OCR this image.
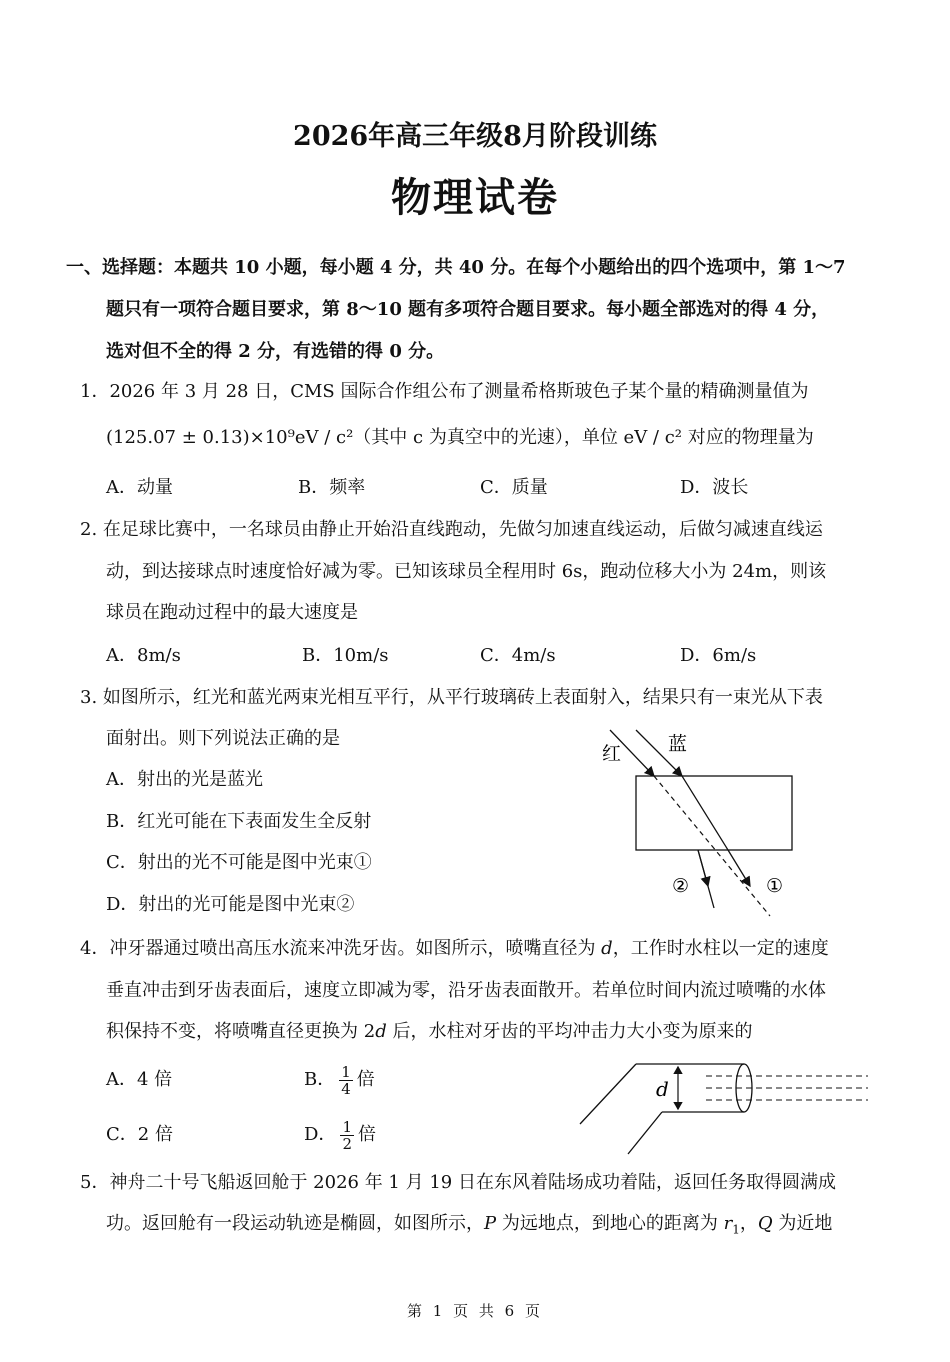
2026年高三年级8月阶段训练
物理试卷
一、选择题：本题共 10 小题，每小题 4 分，共 40 分。在每个小题给出的四个选项中，第 1～7
题只有一项符合题目要求，第 8～10 题有多项符合题目要求。每小题全部选对的得 4 分，
选对但不全的得 2 分，有选错的得 0 分。
1．2026 年 3 月 28 日，CMS 国际合作组公布了测量希格斯玻色子某个量的精确测量值为
(125.07 ± 0.13)×10⁹eV / c²（其中 c 为真空中的光速），单位 eV / c² 对应的物理量为
A．动量	B．频率	C．质量	D．波长
2. 在足球比赛中，一名球员由静止开始沿直线跑动，先做匀加速直线运动，后做匀减速直线运
动，到达接球点时速度恰好减为零。已知该球员全程用时 6s，跑动位移大小为 24m，则该
球员在跑动过程中的最大速度是
A．8m/s	B．10m/s	C．4m/s	D．6m/s
3. 如图所示，红光和蓝光两束光相互平行，从平行玻璃砖上表面射入，结果只有一束光从下表
面射出。则下列说法正确的是
A．射出的光是蓝光
B．红光可能在下表面发生全反射
C．射出的光不可能是图中光束①
D．射出的光可能是图中光束②
红 蓝
②	①
4．冲牙器通过喷出高压水流来冲洗牙齿。如图所示，喷嘴直径为 d，工作时水柱以一定的速度
垂直冲击到牙齿表面后，速度立即减为零，沿牙齿表面散开。若单位时间内流过喷嘴的水体
积保持不变，将喷嘴直径更换为 2d 后，水柱对牙齿的平均冲击力大小变为原来的
A．4 倍	B． $\frac{1}{4}$ 倍
C．2 倍	D． $\frac{1}{2}$ 倍
d
5．神舟二十号飞船返回舱于 2026 年 1 月 19 日在东风着陆场成功着陆，返回任务取得圆满成
功。返回舱有一段运动轨迹是椭圆，如图所示，P 为远地点，到地心的距离为 $r_1$，Q 为近地
第 1 页 共 6 页
